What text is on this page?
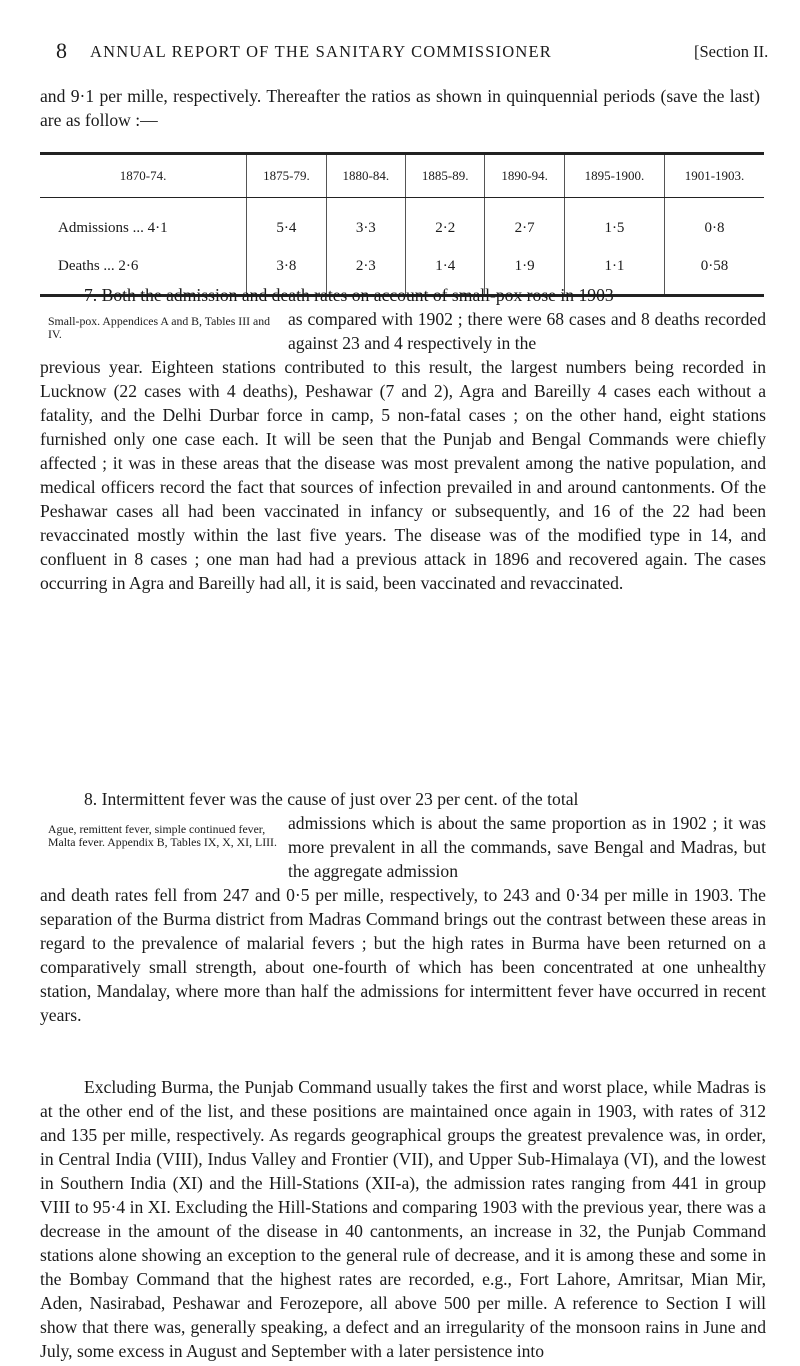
8 ANNUAL REPORT OF THE SANITARY COMMISSIONER	[Section II.
and 9·1 per mille, respectively. Thereafter the ratios as shown in quinquennial periods (save the last) are as follow :—
1870-74.	1875-79.	1880-84.	1885-89.	1890-94.	1895-1900.	1901-1903.
Admissions ... 4·1	5·4	3·3	2·2	2·7	1·5	0·8
Deaths ... 2·6	3·8	2·3	1·4	1·9	1·1	0·58
7. Both the admission and death rates on account of small-pox rose in 1903
Small-pox. Appendices A and B, Tables III and IV.
as compared with 1902 ; there were 68 cases and 8 deaths recorded against 23 and 4 respectively in the
previous year. Eighteen stations contributed to this result, the largest numbers being recorded in Lucknow (22 cases with 4 deaths), Peshawar (7 and 2), Agra and Bareilly 4 cases each without a fatality, and the Delhi Durbar force in camp, 5 non-fatal cases ; on the other hand, eight stations furnished only one case each. It will be seen that the Punjab and Bengal Commands were chiefly affected ; it was in these areas that the disease was most prevalent among the native population, and medical officers record the fact that sources of infection prevailed in and around cantonments. Of the Peshawar cases all had been vaccinated in infancy or subsequently, and 16 of the 22 had been revaccinated mostly within the last five years. The disease was of the modified type in 14, and confluent in 8 cases ; one man had had a previous attack in 1896 and recovered again. The cases occurring in Agra and Bareilly had all, it is said, been vaccinated and revaccinated.
8. Intermittent fever was the cause of just over 23 per cent. of the total
Ague, remittent fever, simple continued fever, Malta fever. Appendix B, Tables IX, X, XI, LIII.
admissions which is about the same proportion as in 1902 ; it was more prevalent in all the commands, save Bengal and Madras, but the aggregate admission
and death rates fell from 247 and 0·5 per mille, respectively, to 243 and 0·34 per mille in 1903. The separation of the Burma district from Madras Command brings out the contrast between these areas in regard to the prevalence of malarial fevers ; but the high rates in Burma have been returned on a comparatively small strength, about one-fourth of which has been concentrated at one unhealthy station, Mandalay, where more than half the admissions for intermittent fever have occurred in recent years.
Excluding Burma, the Punjab Command usually takes the first and worst place, while Madras is at the other end of the list, and these positions are maintained once again in 1903, with rates of 312 and 135 per mille, respectively. As regards geographical groups the greatest prevalence was, in order, in Central India (VIII), Indus Valley and Frontier (VII), and Upper Sub-Himalaya (VI), and the lowest in Southern India (XI) and the Hill-Stations (XII-a), the admission rates ranging from 441 in group VIII to 95·4 in XI. Excluding the Hill-Stations and comparing 1903 with the previous year, there was a decrease in the amount of the disease in 40 cantonments, an increase in 32, the Punjab Command stations alone showing an exception to the general rule of decrease, and it is among these and some in the Bombay Command that the highest rates are recorded, e.g., Fort Lahore, Amritsar, Mian Mir, Aden, Nasirabad, Peshawar and Ferozepore, all above 500 per mille. A reference to Section I will show that there was, generally speaking, a defect and an irregularity of the monsoon rains in June and July, some excess in August and September with a later persistence into
